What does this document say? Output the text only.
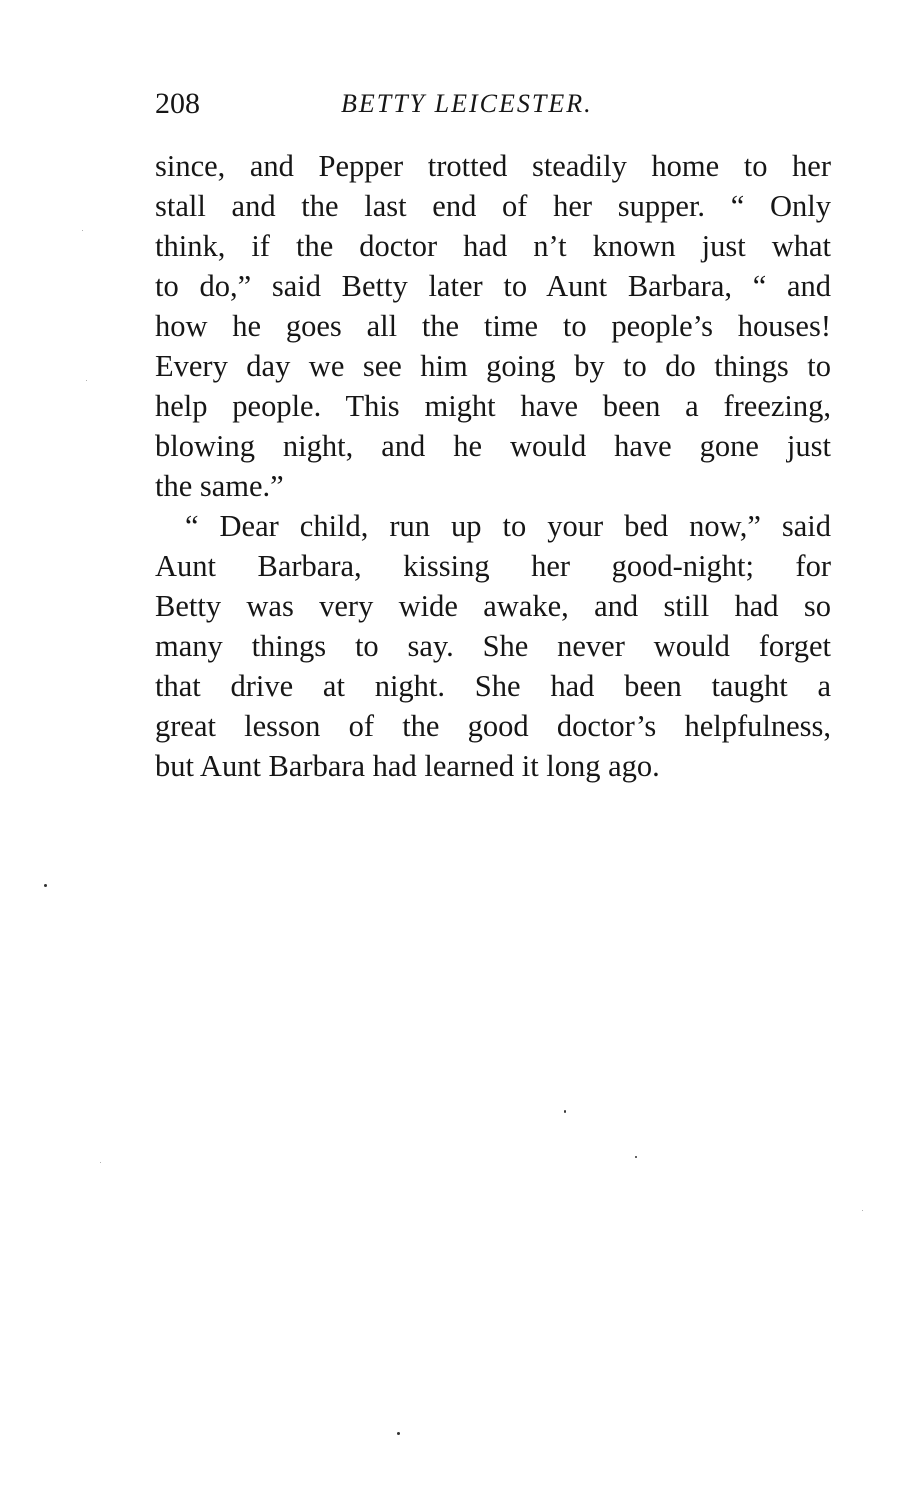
208	BETTY LEICESTER.
since, and Pepper trotted steadily home to her
stall and the last end of her supper. “ Only
think, if the doctor had n’t known just what
to do,” said Betty later to Aunt Barbara, “ and
how he goes all the time to people’s houses!
Every day we see him going by to do things to
help people. This might have been a freezing,
blowing night, and he would have gone just
the same.”
“ Dear child, run up to your bed now,” said
Aunt Barbara, kissing her good-night; for
Betty was very wide awake, and still had so
many things to say. She never would forget
that drive at night. She had been taught a
great lesson of the good doctor’s helpfulness,
but Aunt Barbara had learned it long ago.
